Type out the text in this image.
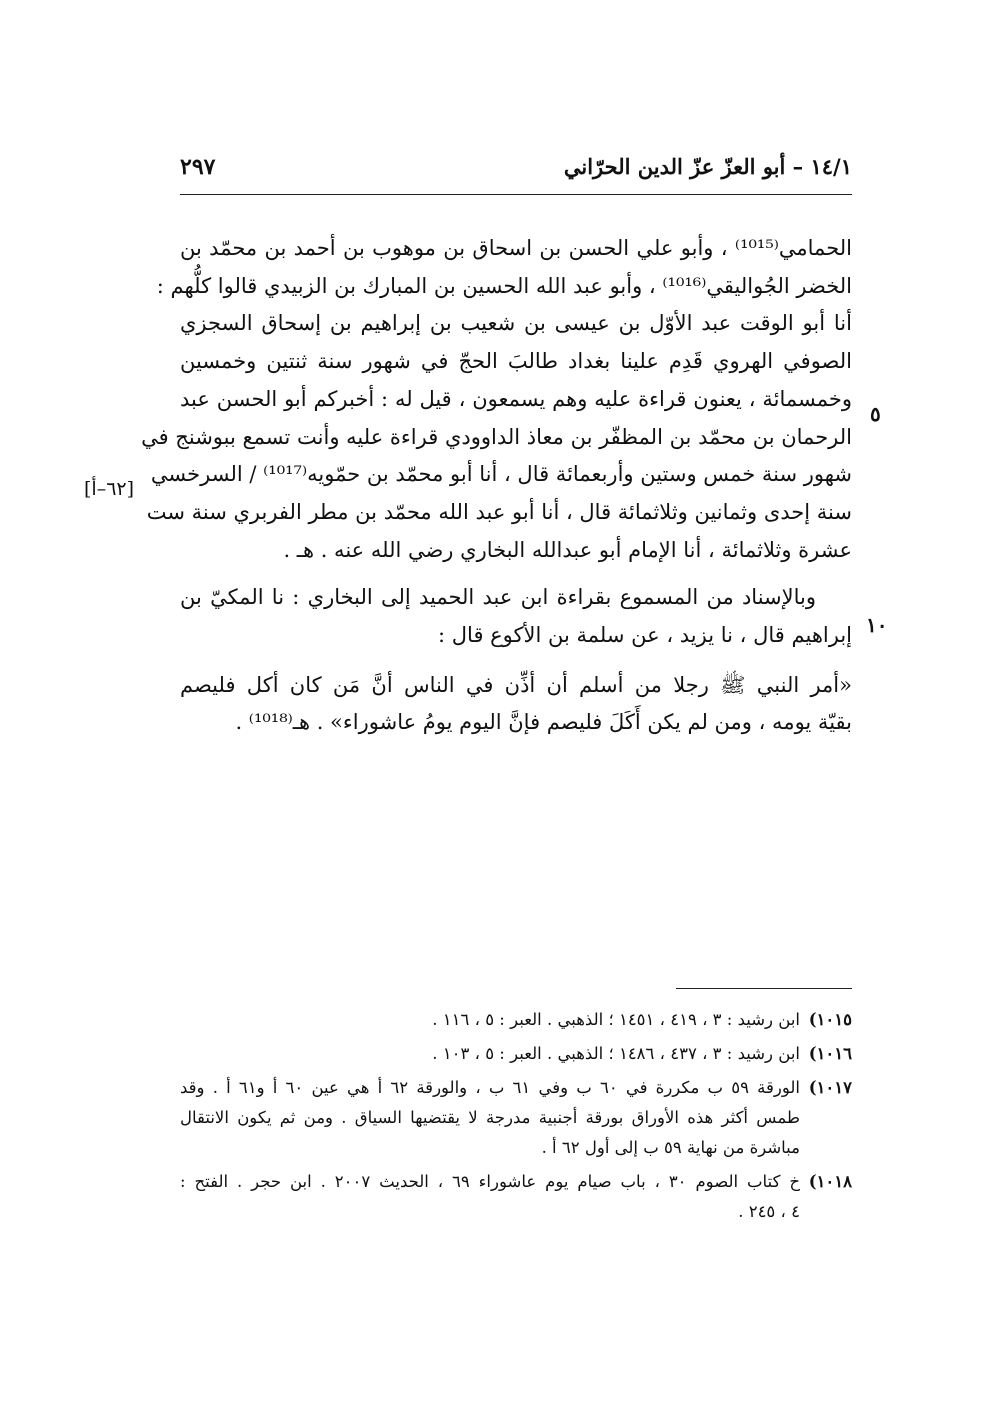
١٤/١ – أبو العزّ عزّ الدين الحرّاني
٢٩٧
٥
١٠
[٦٢–أ]

الحمامي⁽¹⁰¹⁵⁾ ، وأبو علي الحسن بن اسحاق بن موهوب بن أحمد بن محمّد بن
الخضر الجُواليقي⁽¹⁰¹⁶⁾ ، وأبو عبد الله الحسين بن المبارك بن الزبيدي قالوا كلُّهم :
أنا أبو الوقت عبد الأوّل بن عيسى بن شعيب بن إبراهيم بن إسحاق السجزي
الصوفي الهروي قَدِم علينا بغداد طالبَ الحجّ في شهور سنة ثنتين وخمسين
وخمسمائة ، يعنون قراءة عليه وهم يسمعون ، قيل له : أخبركم أبو الحسن عبد
الرحمان بن محمّد بن المظفّر بن معاذ الداوودي قراءة عليه وأنت تسمع ببوشنج في
شهور سنة خمس وستين وأربعمائة قال ، أنا أبو محمّد بن حمّويه⁽¹⁰¹⁷⁾ / السرخسي
سنة إحدى وثمانين وثلاثمائة قال ، أنا أبو عبد الله محمّد بن مطر الفربري سنة ست
عشرة وثلاثمائة ، أنا الإمام أبو عبدالله البخاري رضي الله عنه . هـ .

وبالإسناد من المسموع بقراءة ابن عبد الحميد إلى البخاري : نا المكيّ بن
إبراهيم قال ، نا يزيد ، عن سلمة بن الأكوع قال :

«أمر النبي ﷺ رجلا من أسلم أن أذِّن في الناس أنَّ مَن كان أكل فليصم
بقيّة يومه ، ومن لم يكن أَكَلَ فليصم فإنَّ اليوم يومُ عاشوراء» . هـ⁽¹⁰¹⁸⁾ .

١٠١٥)
ابن رشيد : ٣ ، ٤١٩ ، ١٤٥١ ؛ الذهبي . العبر : ٥ ، ١١٦ .
١٠١٦)
ابن رشيد : ٣ ، ٤٣٧ ، ١٤٨٦ ؛ الذهبي . العبر : ٥ ، ١٠٣ .
١٠١٧)
الورقة ٥٩ ب مكررة في ٦٠ ب وفي ٦١ ب ، والورقة ٦٢ أ هي عين ٦٠ أ و٦١ أ . وقد
طمس أكثر هذه الأوراق بورقة أجنبية مدرجة لا يقتضيها السياق . ومن ثم يكون الانتقال
مباشرة من نهاية ٥٩ ب إلى أول ٦٢ أ .
١٠١٨)
خ كتاب الصوم ٣٠ ، باب صيام يوم عاشوراء ٦٩ ، الحديث ٢٠٠٧ . ابن حجر . الفتح :
٤ ، ٢٤٥ .
